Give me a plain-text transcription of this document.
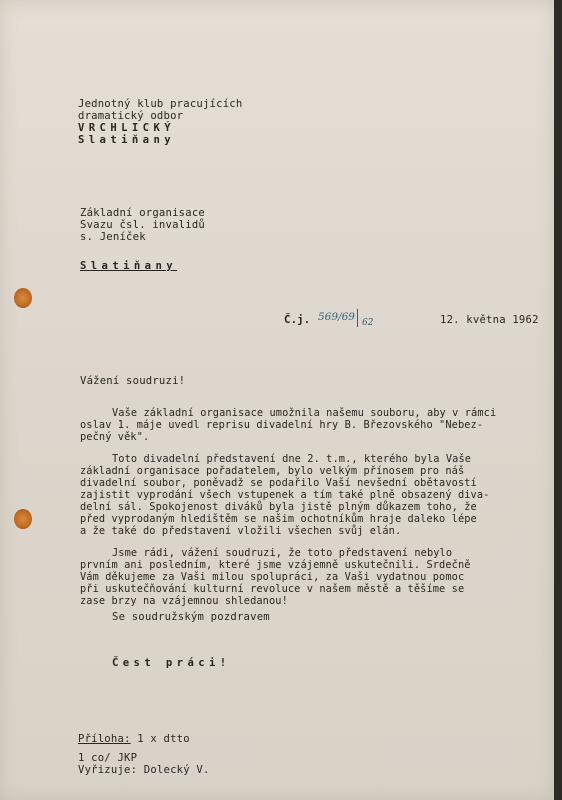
Jednotný klub pracujících
dramatický odbor
VRCHLICKÝ
Slatiňany
Základní organisace
Svazu čsl. invalidů
s. Jeníček
Slatiňany
Č.j. 569/69 62	12. května 1962
Vážení soudruzi!
Vaše základní organisace umožnila našemu souboru, aby v rámci
oslav 1. máje uvedl reprisu divadelní hry B. Březovského "Nebez-
pečný věk".
Toto divadelní představení dne 2. t.m., kterého byla Vaše
základní organisace pořadatelem, bylo velkým přínosem pro náš
divadelní soubor, poněvadž se podařilo Vaší nevšední obětavostí
zajistit vyprodání všech vstupenek a tím také plně obsazený diva-
delní sál. Spokojenost diváků byla jistě plným důkazem toho, že
před vyprodaným hledištěm se našim ochotníkům hraje daleko lépe
a že také do představení vložili všechen svůj elán.
Jsme rádi, vážení soudruzi, že toto představení nebylo
prvním ani posledním, které jsme vzájemně uskutečnili. Srdečně
Vám děkujeme za Vaši milou spolupráci, za Vaši vydatnou pomoc
při uskutečňování kulturní revoluce v našem městě a těšíme se
zase brzy na vzájemnou shledanou!
Se soudružským pozdravem
Čest práci!
Příloha: 1 x dtto
1 co/ JKP
Vyřizuje: Dolecký V.
